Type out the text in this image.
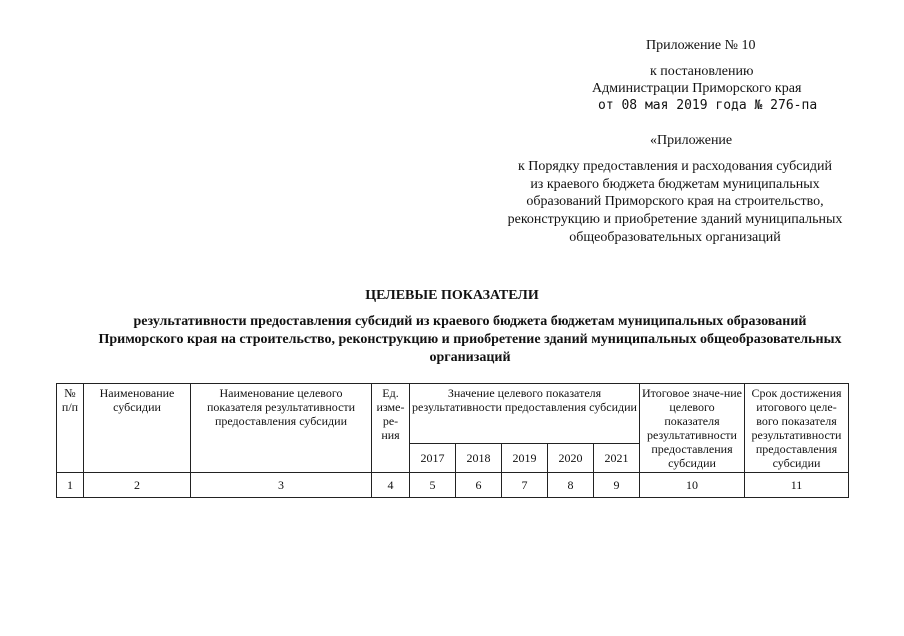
Приложение № 10
к постановлению
Администрации Приморского края
от 08 мая 2019 года № 276-па
«Приложение
к Порядку предоставления и расходования субсидий
из краевого бюджета бюджетам муниципальных
образований Приморского края на строительство,
реконструкцию и приобретение зданий муниципальных
общеобразовательных организаций
ЦЕЛЕВЫЕ ПОКАЗАТЕЛИ
результативности предоставления субсидий из краевого бюджета бюджетам муниципальных образований
Приморского края на строительство, реконструкцию и приобретение зданий муниципальных общеобразовательных
организаций
№ п/п	Наименование субсидии	Наименование целевого показателя результативности предоставления субсидии	Ед. изме-ре-ния	Значение целевого показателя результативности предоставления субсидии					Итоговое значе-ние целевого показателя результативности предоставления субсидии	Срок достижения итогового целе-вого показателя результативности предоставления субсидии
				2017	2018	2019	2020	2021		
1	2	3	4	5	6	7	8	9	10	11
